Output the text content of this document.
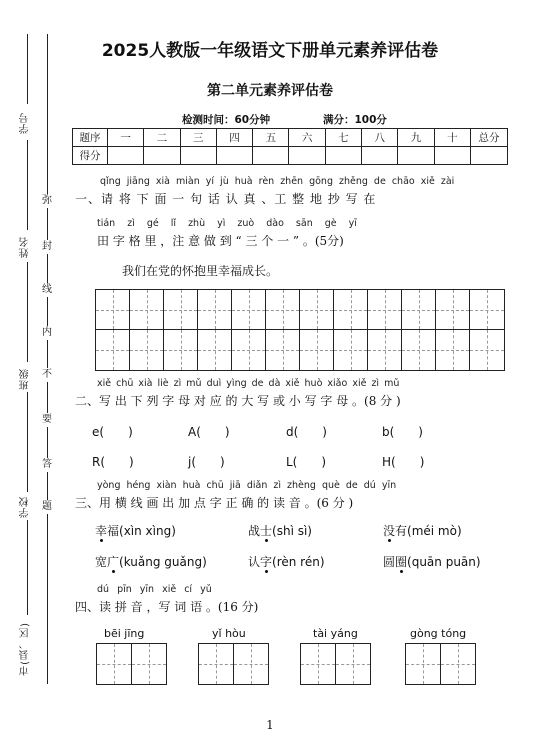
学号
姓名
班级
学校
市(县、区)
弥
封
线
内
不
要
答
题
2025人教版一年级语文下册单元素养评估卷
第二单元素养评估卷
检测时间：60分钟	满分：100分
题序	一	二	三	四	五	六	七	八	九	十	总分
得分											
qǐng jiāng xià miàn yí jù huà rèn zhēn gōng zhěng de chāo xiě zài
一、请 将 下 面 一 句 话 认 真 、工 整 地 抄 写 在
tián zì gé lǐ zhù yì zuò dào sān gè yī
田 字 格 里 ，注 意 做 到 “ 三 个 一 ” 。(5分)
我们在党的怀抱里幸福成长。
xiě chū xià liè zì mǔ duì yìng de dà xiě huò xiǎo xiě zì mǔ
二、写 出 下 列 字 母 对 应 的 大 写 或 小 写 字 母 。(8 分 )
e(　　)	A(　　)	d(　　)	b(　　)
R(　　)	j(　　)	L(　　)	H(　　)
yòng héng xiàn huà chū jiā diǎn zì zhèng què de dú yīn
三、用 横 线 画 出 加 点 字 正 确 的 读 音 。(6 分 )
幸福(xìn xìng)	战士(shì sì)	没有(méi mò)
宽广(kuǎng guǎng)	认字(rèn rén)	圆圈(quān puān)
dú pīn yīn xiě cí yǔ
四、读 拼 音 ，写 词 语 。(16 分)
bēi jīng	yǐ hòu	tài yáng	gòng tóng
1
